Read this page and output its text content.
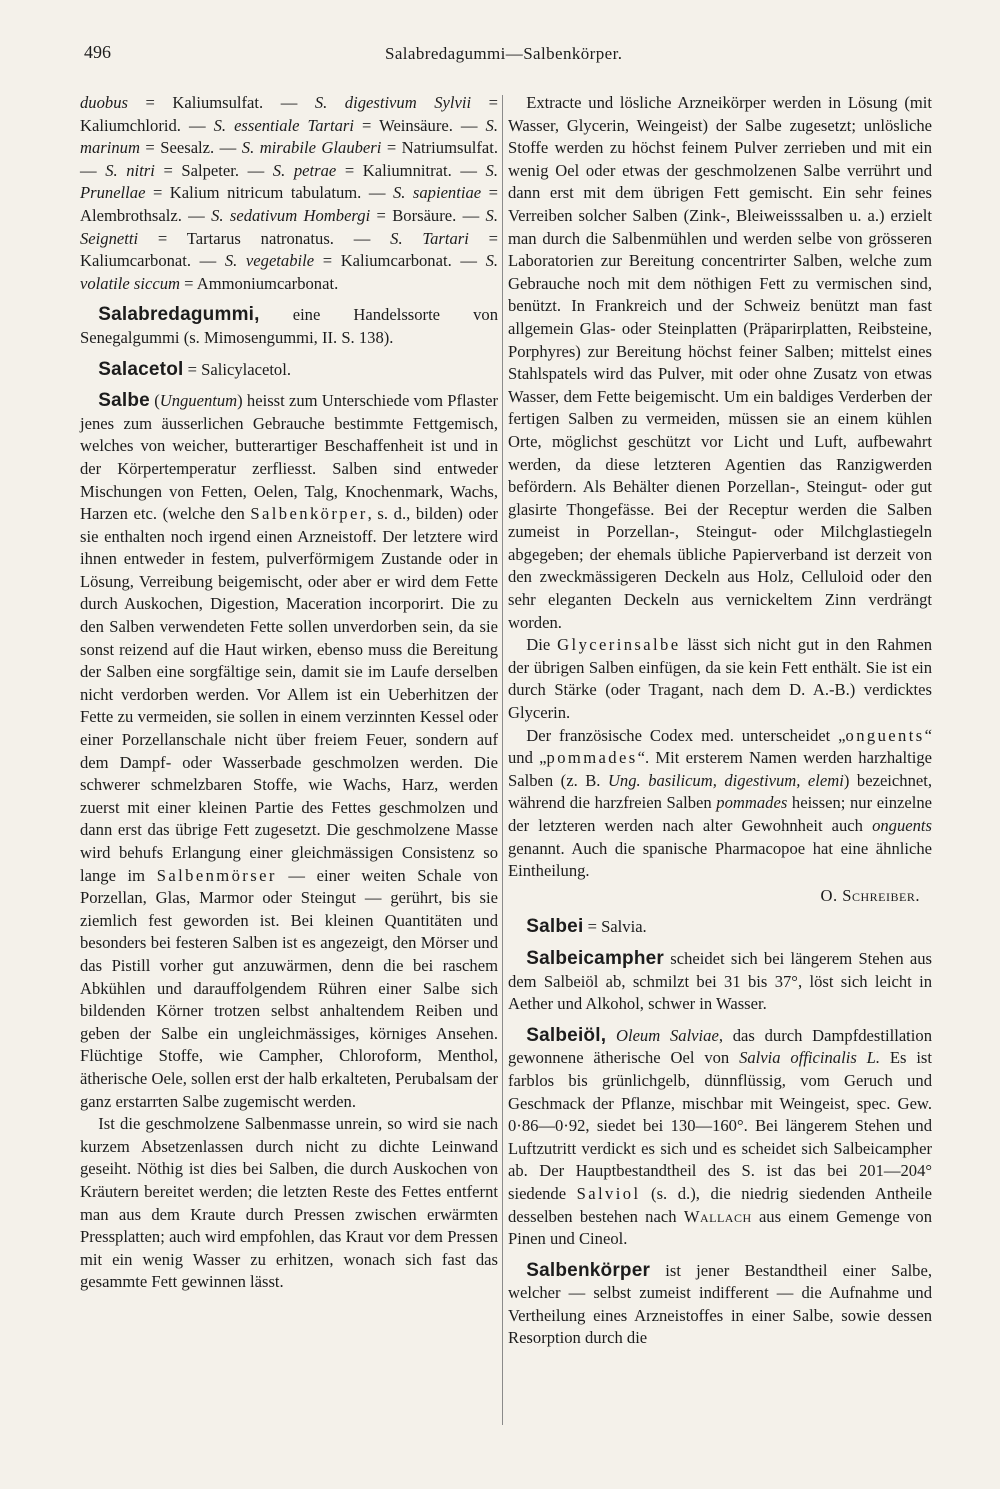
496	Salabredagummi—Salbenkörper.

duobus = Kaliumsulfat. — S. digestivum Sylvii = Kaliumchlorid. — S. essentiale Tartari = Weinsäure. — S. marinum = Seesalz. — S. mirabile Glauberi = Natriumsulfat. — S. nitri = Salpeter. — S. petrae = Kaliumnitrat. — S. Prunellae = Kalium nitricum tabulatum. — S. sapientiae = Alembrothsalz. — S. sedativum Hombergi = Borsäure. — S. Seignetti = Tartarus natronatus. — S. Tartari = Kaliumcarbonat. — S. vegetabile = Kaliumcarbonat. — S. volatile siccum = Ammoniumcarbonat.

Salabredagummi, eine Handelssorte von Senegalgummi (s. Mimosengummi, II. S. 138).

Salacetol = Salicylacetol.

Salbe (Unguentum) heisst zum Unterschiede vom Pflaster jenes zum äusserlichen Gebrauche bestimmte Fettgemisch, welches von weicher, butterartiger Beschaffenheit ist und in der Körpertemperatur zerfliesst. Salben sind entweder Mischungen von Fetten, Oelen, Talg, Knochenmark, Wachs, Harzen etc. (welche den Salbenkörper, s. d., bilden) oder sie enthalten noch irgend einen Arzneistoff. Der letztere wird ihnen entweder in festem, pulverförmigem Zustande oder in Lösung, Verreibung beigemischt, oder aber er wird dem Fette durch Auskochen, Digestion, Maceration incorporirt. Die zu den Salben verwendeten Fette sollen unverdorben sein, da sie sonst reizend auf die Haut wirken, ebenso muss die Bereitung der Salben eine sorgfältige sein, damit sie im Laufe derselben nicht verdorben werden. Vor Allem ist ein Ueberhitzen der Fette zu vermeiden, sie sollen in einem verzinnten Kessel oder einer Porzellanschale nicht über freiem Feuer, sondern auf dem Dampf- oder Wasserbade geschmolzen werden. Die schwerer schmelzbaren Stoffe, wie Wachs, Harz, werden zuerst mit einer kleinen Partie des Fettes geschmolzen und dann erst das übrige Fett zugesetzt. Die geschmolzene Masse wird behufs Erlangung einer gleichmässigen Consistenz so lange im Salbenmörser — einer weiten Schale von Porzellan, Glas, Marmor oder Steingut — gerührt, bis sie ziemlich fest geworden ist. Bei kleinen Quantitäten und besonders bei festeren Salben ist es angezeigt, den Mörser und das Pistill vorher gut anzuwärmen, denn die bei raschem Abkühlen und darauffolgendem Rühren einer Salbe sich bildenden Körner trotzen selbst anhaltendem Reiben und geben der Salbe ein ungleichmässiges, körniges Ansehen. Flüchtige Stoffe, wie Campher, Chloroform, Menthol, ätherische Oele, sollen erst der halb erkalteten, Perubalsam der ganz erstarrten Salbe zugemischt werden.

Ist die geschmolzene Salbenmasse unrein, so wird sie nach kurzem Absetzenlassen durch nicht zu dichte Leinwand geseiht. Nöthig ist dies bei Salben, die durch Auskochen von Kräutern bereitet werden; die letzten Reste des Fettes entfernt man aus dem Kraute durch Pressen zwischen erwärmten Pressplatten; auch wird empfohlen, das Kraut vor dem Pressen mit ein wenig Wasser zu erhitzen, wonach sich fast das gesammte Fett gewinnen lässt.

Extracte und lösliche Arzneikörper werden in Lösung (mit Wasser, Glycerin, Weingeist) der Salbe zugesetzt; unlösliche Stoffe werden zu höchst feinem Pulver zerrieben und mit ein wenig Oel oder etwas der geschmolzenen Salbe verrührt und dann erst mit dem übrigen Fett gemischt. Ein sehr feines Verreiben solcher Salben (Zink-, Bleiweisssalben u. a.) erzielt man durch die Salbenmühlen und werden selbe von grösseren Laboratorien zur Bereitung concentrirter Salben, welche zum Gebrauche noch mit dem nöthigen Fett zu vermischen sind, benützt. In Frankreich und der Schweiz benützt man fast allgemein Glas- oder Steinplatten (Präparirplatten, Reibsteine, Porphyres) zur Bereitung höchst feiner Salben; mittelst eines Stahlspatels wird das Pulver, mit oder ohne Zusatz von etwas Wasser, dem Fette beigemischt. Um ein baldiges Verderben der fertigen Salben zu vermeiden, müssen sie an einem kühlen Orte, möglichst geschützt vor Licht und Luft, aufbewahrt werden, da diese letzteren Agentien das Ranzigwerden befördern. Als Behälter dienen Porzellan-, Steingut- oder gut glasirte Thongefässe. Bei der Receptur werden die Salben zumeist in Porzellan-, Steingut- oder Milchglastiegeln abgegeben; der ehemals übliche Papierverband ist derzeit von den zweckmässigeren Deckeln aus Holz, Celluloid oder den sehr eleganten Deckeln aus vernickeltem Zinn verdrängt worden.

Die Glycerinsalbe lässt sich nicht gut in den Rahmen der übrigen Salben einfügen, da sie kein Fett enthält. Sie ist ein durch Stärke (oder Tragant, nach dem D. A.-B.) verdicktes Glycerin.

Der französische Codex med. unterscheidet „onguents“ und „pommades“. Mit ersterem Namen werden harzhaltige Salben (z. B. Ung. basilicum, digestivum, elemi) bezeichnet, während die harzfreien Salben pommades heissen; nur einzelne der letzteren werden nach alter Gewohnheit auch onguents genannt. Auch die spanische Pharmacopoe hat eine ähnliche Eintheilung.

O. Schreiber.

Salbei = Salvia.

Salbeicampher scheidet sich bei längerem Stehen aus dem Salbeiöl ab, schmilzt bei 31 bis 37°, löst sich leicht in Aether und Alkohol, schwer in Wasser.

Salbeiöl, Oleum Salviae, das durch Dampfdestillation gewonnene ätherische Oel von Salvia officinalis L. Es ist farblos bis grünlichgelb, dünnflüssig, vom Geruch und Geschmack der Pflanze, mischbar mit Weingeist, spec. Gew. 0·86—0·92, siedet bei 130—160°. Bei längerem Stehen und Luftzutritt verdickt es sich und es scheidet sich Salbeicampher ab. Der Hauptbestandtheil des S. ist das bei 201—204° siedende Salviol (s. d.), die niedrig siedenden Antheile desselben bestehen nach Wallach aus einem Gemenge von Pinen und Cineol.

Salbenkörper ist jener Bestandtheil einer Salbe, welcher — selbst zumeist indifferent — die Aufnahme und Vertheilung eines Arzneistoffes in einer Salbe, sowie dessen Resorption durch die
